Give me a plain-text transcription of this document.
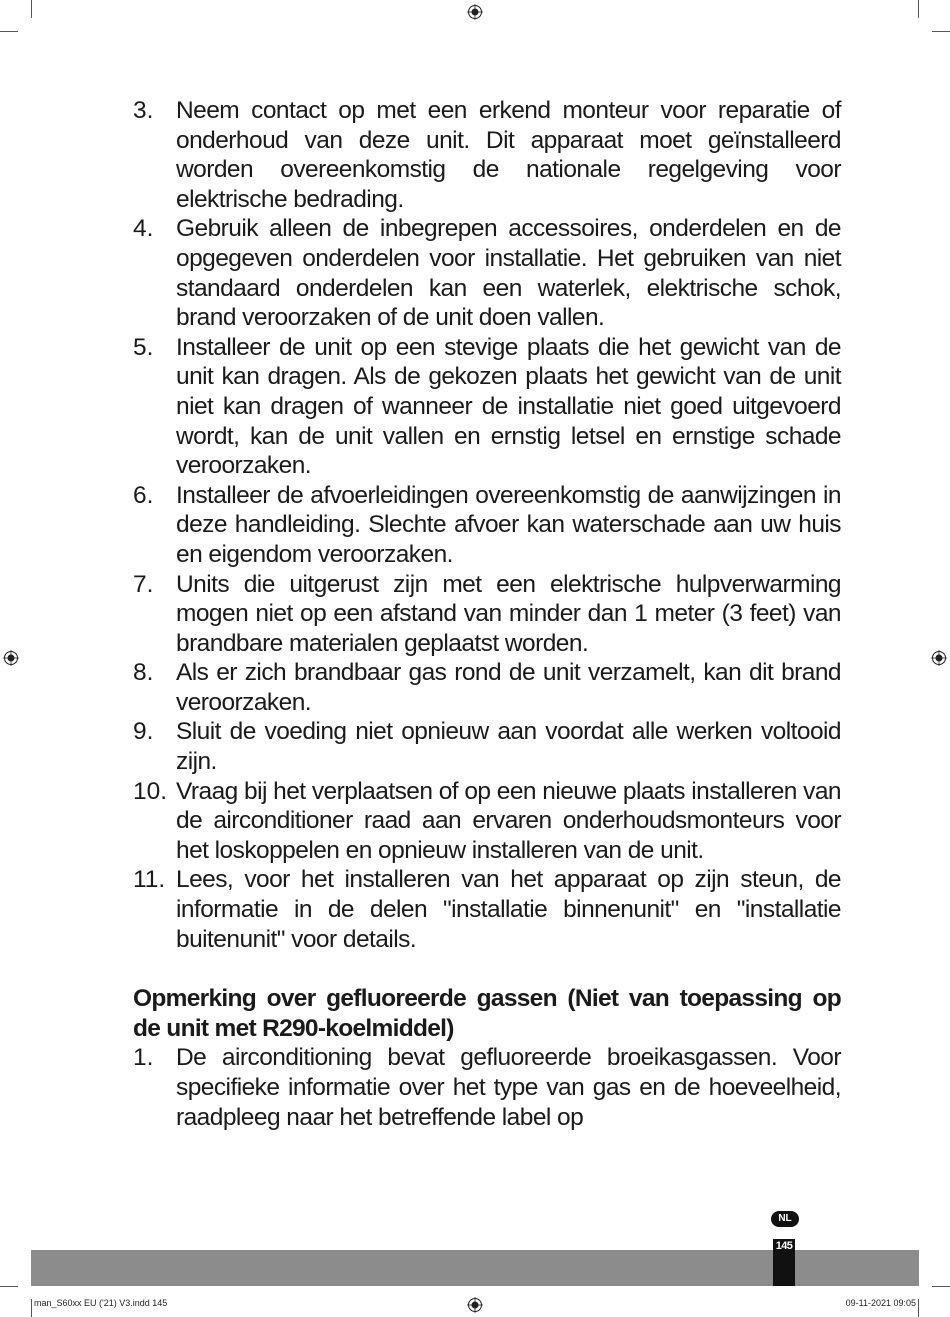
3. Neem contact op met een erkend monteur voor reparatie of onderhoud van deze unit. Dit apparaat moet geïnstalleerd worden overeenkomstig de nationale regelgeving voor elektrische bedrading.
4. Gebruik alleen de inbegrepen accessoires, onderdelen en de opgegeven onderdelen voor installatie. Het gebruiken van niet standaard onderdelen kan een waterlek, elektrische schok, brand veroorzaken of de unit doen vallen.
5. Installeer de unit op een stevige plaats die het gewicht van de unit kan dragen. Als de gekozen plaats het gewicht van de unit niet kan dragen of wanneer de installatie niet goed uitgevoerd wordt, kan de unit vallen en ernstig letsel en ernstige schade veroorzaken.
6. Installeer de afvoerleidingen overeenkomstig de aanwijzingen in deze handleiding. Slechte afvoer kan waterschade aan uw huis en eigendom veroorzaken.
7. Units die uitgerust zijn met een elektrische hulpverwarming mogen niet op een afstand van minder dan 1 meter (3 feet) van brandbare materialen geplaatst worden.
8. Als er zich brandbaar gas rond de unit verzamelt, kan dit brand veroorzaken.
9. Sluit de voeding niet opnieuw aan voordat alle werken voltooid zijn.
10. Vraag bij het verplaatsen of op een nieuwe plaats installeren van de airconditioner raad aan ervaren onderhoudsmonteurs voor het loskoppelen en opnieuw installeren van de unit.
11. Lees, voor het installeren van het apparaat op zijn steun, de informatie in de delen "installatie binnenunit" en "installatie buitenunit" voor details.
Opmerking over gefluoreerde gassen (Niet van toepassing op de unit met R290-koelmiddel)
1. De airconditioning bevat gefluoreerde broeikasgassen. Voor specifieke informatie over het type van gas en de hoeveelheid, raadpleeg naar het betreffende label op
NL
145
man_S60xx EU ('21) V3.indd 145	09-11-2021 09:05
